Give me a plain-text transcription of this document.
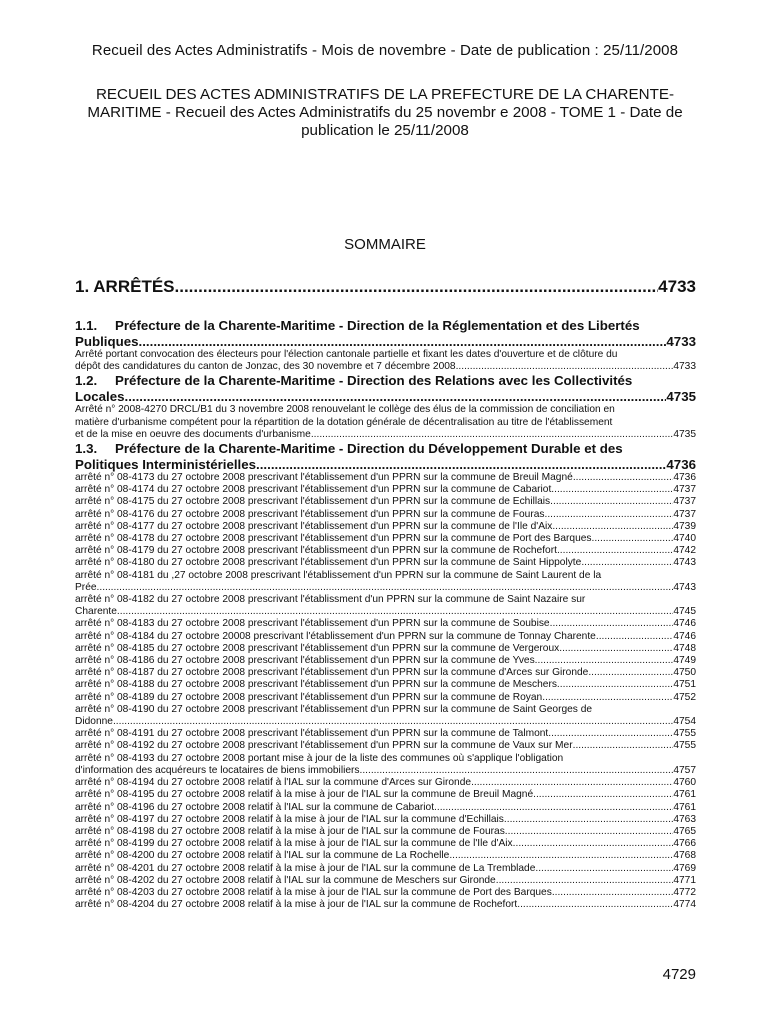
Recueil des Actes Administratifs - Mois de novembre - Date de publication : 25/11/2008
RECUEIL DES ACTES ADMINISTRATIFS DE LA PREFECTURE DE LA CHARENTE-
MARITIME - Recueil des Actes Administratifs du 25 novembr e 2008 - TOME 1 - Date de
publication le 25/11/2008
SOMMAIRE
1. ARRÊTÉS .....	4733
1.1. Préfecture de la Charente-Maritime - Direction de la Réglementation et des Libertés
Publiques .....	4733
Arrêté portant convocation des électeurs pour l'élection cantonale partielle et fixant les dates d'ouverture et de clôture du
dépôt des candidatures du canton de Jonzac, des 30 novembre et 7 décembre 2008 .....	4733
1.2. Préfecture de la Charente-Maritime - Direction des Relations avec les Collectivités
Locales .....	4735
Arrêté n° 2008-4270 DRCL/B1 du 3 novembre 2008 renouvelant le collège des élus de la commission de conciliation en
matière d'urbanisme compétent pour la répartition de la dotation générale de décentralisation au titre de l'établissement
et de la mise en oeuvre des documents d'urbanisme .....	4735
1.3. Préfecture de la Charente-Maritime - Direction du Développement Durable et des
Politiques Interministérielles .....	4736
arrêté n° 08-4173 du 27 octobre 2008 prescrivant l'établissement d'un PPRN sur la commune de Breuil Magné .....	4736
arrêté n° 08-4174 du 27 octobre 2008 prescrivant l'établissement d'un PPRN sur la commune de Cabariot .....	4737
arrêté n° 08-4175 du 27 octobre 2008 prescrivant l'établissement d'un PPRN sur la commune de Echillais .....	4737
arrêté n° 08-4176 du 27 octobre 2008 prescrivant l'établissement d'un PPRN sur la commune de Fouras .....	4737
arrêté n° 08-4177 du 27 octobre 2008 prescrivant l'établissement d'un PPRN sur la commune de l'Ile d'Aix .....	4739
arrêté n° 08-4178 du 27 octobre 2008 prescrivant l'établissement d'un PPRN sur la commune de Port des Barques. .....	4740
arrêté n° 08-4179 du 27 octobre 2008 prescrivant l'établissmeent d'un PPRN sur la commune de Rochefort .....	4742
arrêté n° 08-4180 du 27 octobre 2008 prescrivant l'établissement d'un PPRN sur la commune de Saint Hippolyte .....	4743
arrêté n° 08-4181 du ,27 octobre 2008 prescrivant l'établissement d'un PPRN sur la commune de Saint Laurent de la
Prée .....	4743
arrêté n° 08-4182 du 27 octobre 2008 prescrivant l'établissment d'un PPRN sur la commune de Saint Nazaire sur
Charente .....	4745
arrêté n° 08-4183 du 27 octobre 2008 prescrivant l'établissement d'un PPRN sur la commune de Soubise .....	4746
arrêté n° 08-4184 du 27 octobre 20008 prescrivant l'établissement d'un PPRN sur la commune de Tonnay Charente .....	4746
arrêté n° 08-4185 du 27 octobre 2008 prescrivant l'établissement d'un PPRN sur la commune de Vergeroux .....	4748
arrêté n° 08-4186 du 27 octobre 2008 prescrivant l'établissement d'un PPRN sur la commune de Yves. .....	4749
arrêté n° 08-4187 du 27 octobre 2008 prescrivant l'établissement d'un PPRN sur la commune d'Arces sur Gironde .....	4750
arrêté n° 08-4188 du 27 octobre 2008 prescrivant l'établissement d'un PPRN sur la commune de Meschers. .....	4751
arrêté n° 08-4189 du 27 octobre 2008 prescrivant l'établissement d'un PPRN sur la commune de Royan .....	4752
arrêté n° 08-4190 du 27 octobre 2008 prescrivant l'établissement d'un PPRN sur la commune de Saint Georges de
Didonne .....	4754
arrêté n° 08-4191 du 27 octobre 2008 prescrivant l'établissement d'un PPRN sur la commune de Talmont .....	4755
arrêté n° 08-4192 du 27 octobre 2008 prescrivant l'établissement d'un PPRN sur la commune de Vaux sur Mer .....	4755
arrêté n° 08-4193 du 27 octobre 2008 portant mise à jour de la liste des communes où s'applique l'obligation
d'information des acquéreurs te locataires de biens immobiliers .....	4757
arrêté n° 08-4194 du 27 octobre 2008 relatif à l'IAL sur la commune d'Arces sur Gironde .....	4760
arrêté n° 08-4195 du 27 octobre 2008 relatif à la mise à jour de l'IAL sur la commune de Breuil Magné .....	4761
arrêté n° 08-4196 du 27 octobre 2008 relatif à l'IAL sur la commune de Cabariot .....	4761
arrêté n° 08-4197 du 27 octobre 2008 relatif à la mise à jour de l'IAL sur la commune d'Echillais .....	4763
arrêté n° 08-4198 du 27 octobre 2008 relatif à la mise à jour de l'IAL sur la commune de Fouras .....	4765
arrêté n° 08-4199 du 27 octobre 2008 relatif à la mise à jour de l'IAL sur la commune de l'Ile d'Aix .....	4766
arrêté n° 08-4200 du 27 octobre 2008 relatif à l'IAL sur la commune de La Rochelle .....	4768
arrêté n° 08-4201 du 27 octobre 2008 relatif à la mise à jour de l'IAL sur la commune de La Tremblade .....	4769
arrêté n° 08-4202 du 27 octobre 2008 relatif à l'IAL sur la commune de Meschers sur Gironde .....	4771
arrêté n° 08-4203 du 27 octobre 2008 relatif à la mise à jour de l'IAL sur la commune de Port des Barques .....	4772
arrêté n° 08-4204 du 27 octobre 2008 relatif à la mise à jour de l'IAL sur la commune de Rochefort .....	4774
4729
